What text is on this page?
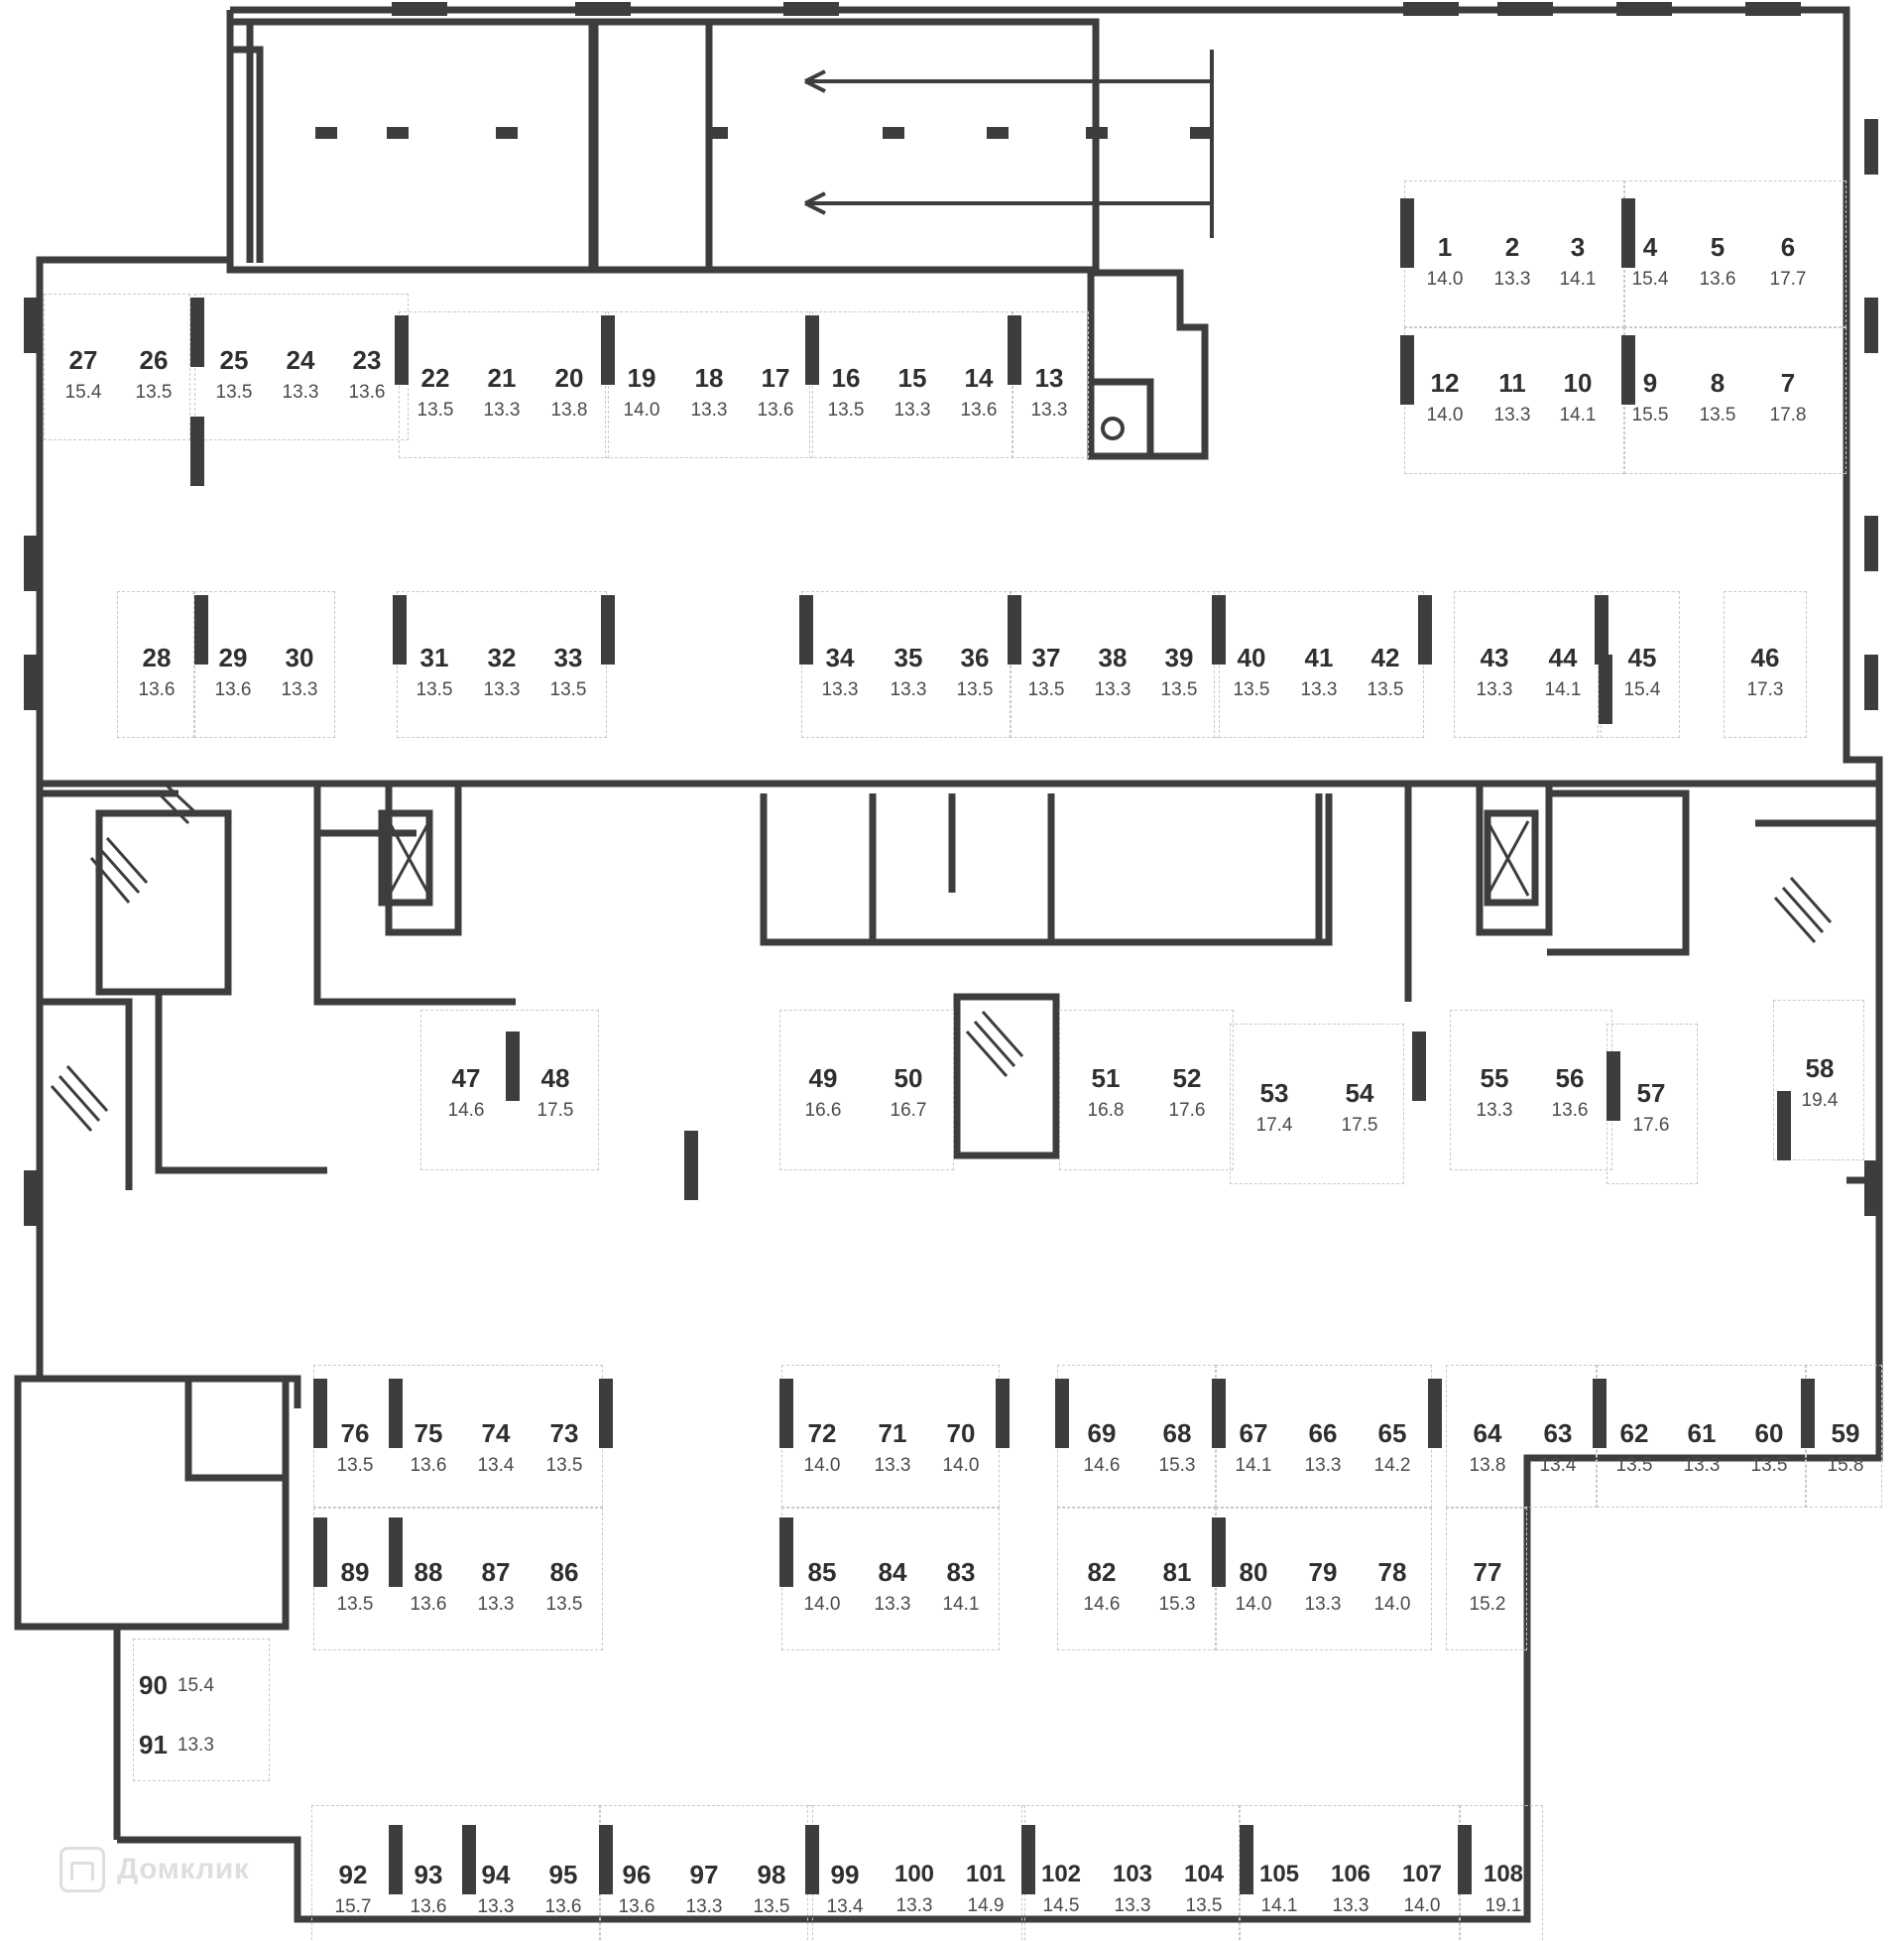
1
14.0
2
13.3
3
14.1
4
15.4
5
13.6
6
17.7
12
14.0
11
13.3
10
14.1
9
15.5
8
13.5
7
17.8
27
15.4
26
13.5
25
13.5
24
13.3
23
13.6 22
13.5
21
13.3
20
13.8
19
14.0
18
13.3
17
13.6
16
13.5
15
13.3
14
13.6
13
13.3
28
13.6
29
13.6
30
13.3
31
13.5
32
13.3
33
13.5
34
13.3
35
13.3
36
13.5
37
13.5
38
13.3
39
13.5
40
13.5
41
13.3
42
13.5
43
13.3
44
14.1
45
15.4
46
17.3
47
14.6
48
17.5
49
16.6
50
16.7
51
16.8
52
17.6
53
17.4
54
17.5
55
13.3
56
13.6
57
17.6
58
19.4
76
13.5
75
13.6
74
13.4
73
13.5
89
13.5
88
13.6
87
13.3
86
13.5
72
14.0
71
13.3
70
14.0
85
14.0
84
13.3
83
14.1
69
14.6
68
15.3
67
14.1
66
13.3
65
14.2
82
14.6
81
15.3
80
14.0
79
13.3
78
14.0
64
13.8
63
13.4
62
13.5
61
13.3
60
13.5
59
15.8
77
15.2
92
15.7
93
13.6
94
13.3
95
13.6
96
13.6
97
13.3
98
13.5
99
13.4
100
13.3
101
14.9
102
14.5
103
13.3
104
13.5
105
14.1
106
13.3
107
14.0
108
19.1
90 15.4
91 13.3
Домклик
